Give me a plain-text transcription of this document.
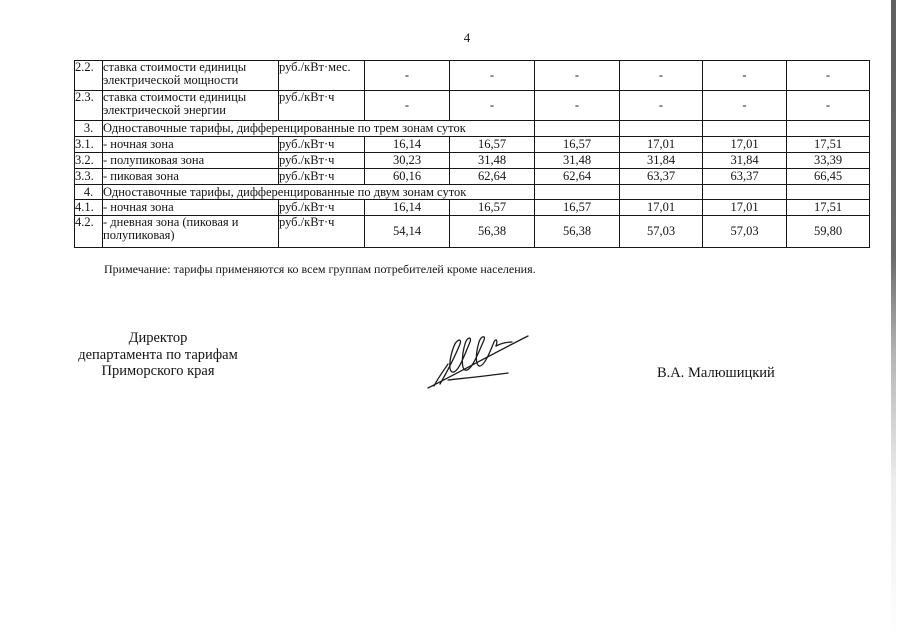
4
2.2.	ставка стоимости единицы электрической мощности	руб./кВт·мес.	-	-	-	-	-	-
2.3.	ставка стоимости единицы электрической энергии	руб./кВт·ч	-	-	-	-	-	-
3.	Одноставочные тарифы, дифференцированные по трем зонам суток							
3.1.	- ночная зона	руб./кВт·ч	16,14	16,57	16,57	17,01	17,01	17,51
3.2.	- полупиковая зона	руб./кВт·ч	30,23	31,48	31,48	31,84	31,84	33,39
3.3.	- пиковая зона	руб./кВт·ч	60,16	62,64	62,64	63,37	63,37	66,45
4.	Одноставочные тарифы, дифференцированные по двум зонам суток							
4.1.	- ночная зона	руб./кВт·ч	16,14	16,57	16,57	17,01	17,01	17,51
4.2.	- дневная зона (пиковая и полупиковая)	руб./кВт·ч	54,14	56,38	56,38	57,03	57,03	59,80
Примечание: тарифы применяются ко всем группам потребителей кроме населения.
Директор
департамента по тарифам
Приморского края	В.А. Малюшицкий
